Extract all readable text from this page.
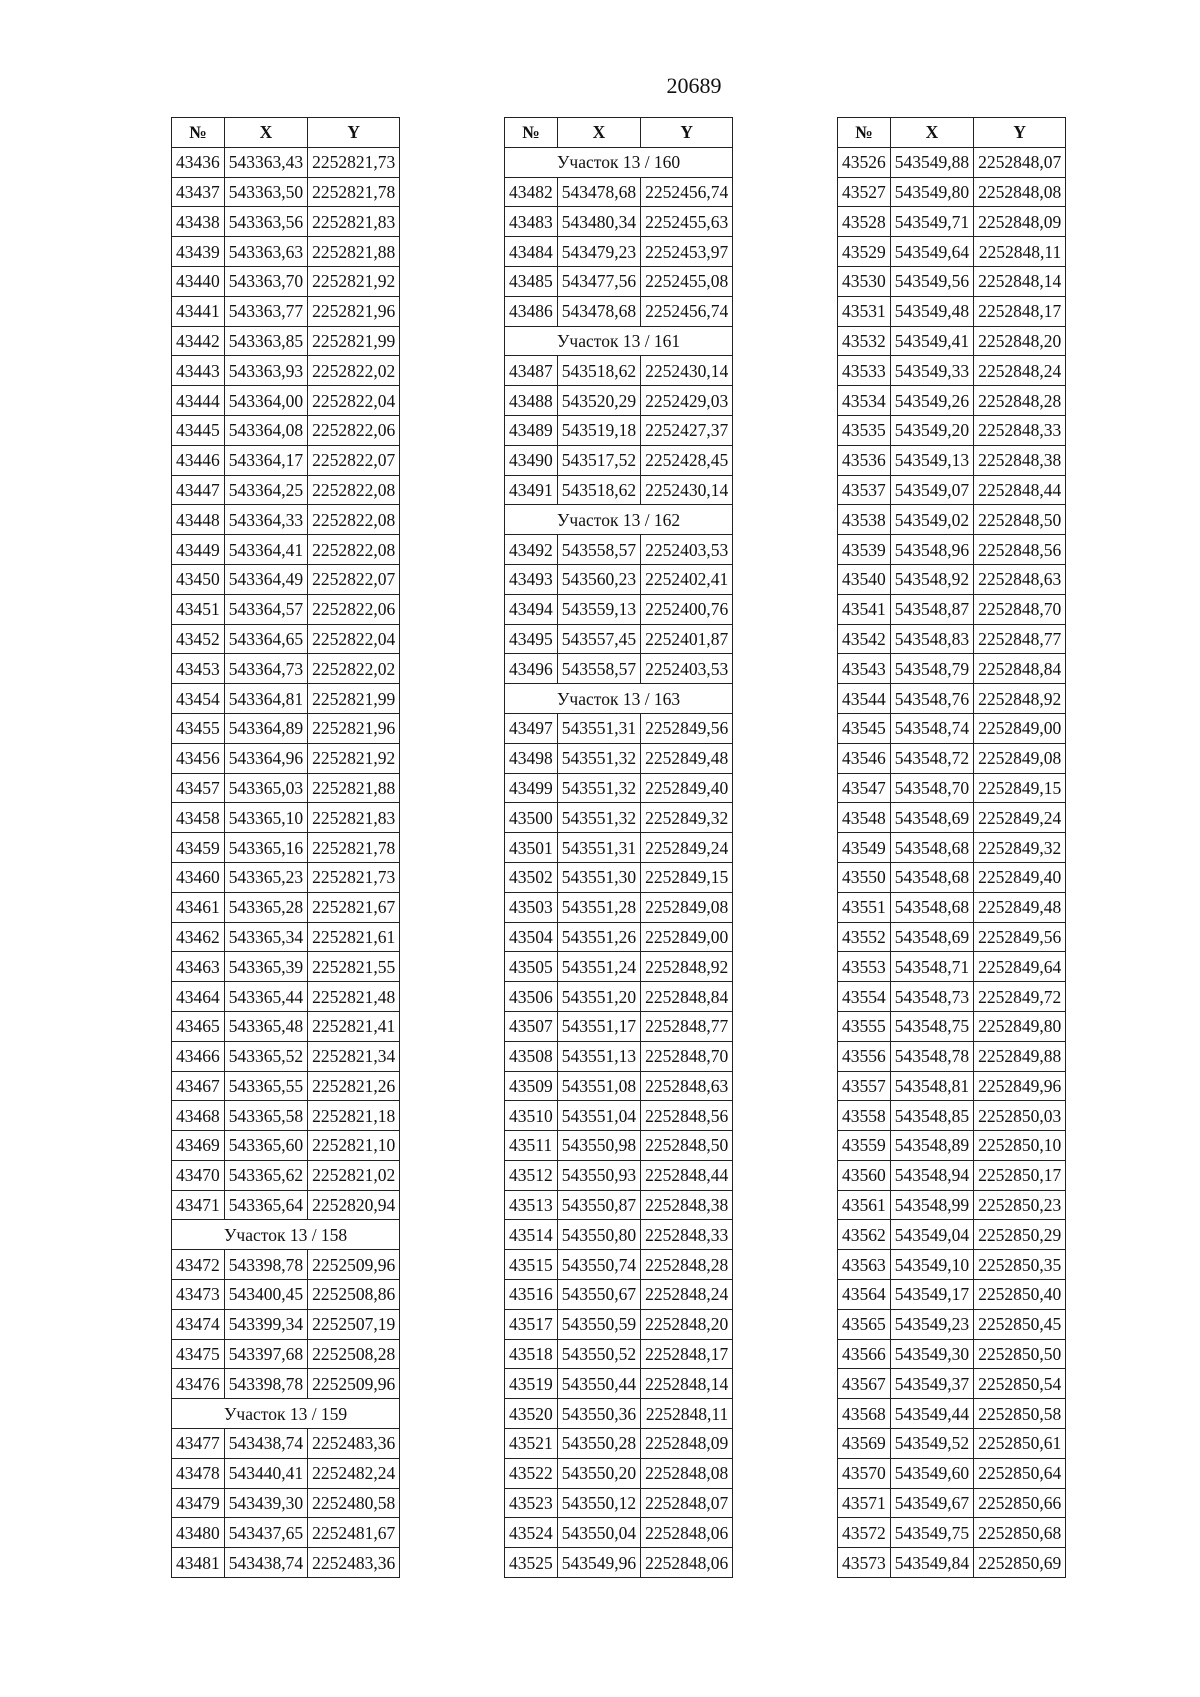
20689
№	X	Y
43436	543363,43	2252821,73
43437	543363,50	2252821,78
43438	543363,56	2252821,83
43439	543363,63	2252821,88
43440	543363,70	2252821,92
43441	543363,77	2252821,96
43442	543363,85	2252821,99
43443	543363,93	2252822,02
43444	543364,00	2252822,04
43445	543364,08	2252822,06
43446	543364,17	2252822,07
43447	543364,25	2252822,08
43448	543364,33	2252822,08
43449	543364,41	2252822,08
43450	543364,49	2252822,07
43451	543364,57	2252822,06
43452	543364,65	2252822,04
43453	543364,73	2252822,02
43454	543364,81	2252821,99
43455	543364,89	2252821,96
43456	543364,96	2252821,92
43457	543365,03	2252821,88
43458	543365,10	2252821,83
43459	543365,16	2252821,78
43460	543365,23	2252821,73
43461	543365,28	2252821,67
43462	543365,34	2252821,61
43463	543365,39	2252821,55
43464	543365,44	2252821,48
43465	543365,48	2252821,41
43466	543365,52	2252821,34
43467	543365,55	2252821,26
43468	543365,58	2252821,18
43469	543365,60	2252821,10
43470	543365,62	2252821,02
43471	543365,64	2252820,94
Участок 13 / 158		
43472	543398,78	2252509,96
43473	543400,45	2252508,86
43474	543399,34	2252507,19
43475	543397,68	2252508,28
43476	543398,78	2252509,96
Участок 13 / 159		
43477	543438,74	2252483,36
43478	543440,41	2252482,24
43479	543439,30	2252480,58
43480	543437,65	2252481,67
43481	543438,74	2252483,36
№	X	Y
Участок 13 / 160		
43482	543478,68	2252456,74
43483	543480,34	2252455,63
43484	543479,23	2252453,97
43485	543477,56	2252455,08
43486	543478,68	2252456,74
Участок 13 / 161		
43487	543518,62	2252430,14
43488	543520,29	2252429,03
43489	543519,18	2252427,37
43490	543517,52	2252428,45
43491	543518,62	2252430,14
Участок 13 / 162		
43492	543558,57	2252403,53
43493	543560,23	2252402,41
43494	543559,13	2252400,76
43495	543557,45	2252401,87
43496	543558,57	2252403,53
Участок 13 / 163		
43497	543551,31	2252849,56
43498	543551,32	2252849,48
43499	543551,32	2252849,40
43500	543551,32	2252849,32
43501	543551,31	2252849,24
43502	543551,30	2252849,15
43503	543551,28	2252849,08
43504	543551,26	2252849,00
43505	543551,24	2252848,92
43506	543551,20	2252848,84
43507	543551,17	2252848,77
43508	543551,13	2252848,70
43509	543551,08	2252848,63
43510	543551,04	2252848,56
43511	543550,98	2252848,50
43512	543550,93	2252848,44
43513	543550,87	2252848,38
43514	543550,80	2252848,33
43515	543550,74	2252848,28
43516	543550,67	2252848,24
43517	543550,59	2252848,20
43518	543550,52	2252848,17
43519	543550,44	2252848,14
43520	543550,36	2252848,11
43521	543550,28	2252848,09
43522	543550,20	2252848,08
43523	543550,12	2252848,07
43524	543550,04	2252848,06
43525	543549,96	2252848,06
№	X	Y
43526	543549,88	2252848,07
43527	543549,80	2252848,08
43528	543549,71	2252848,09
43529	543549,64	2252848,11
43530	543549,56	2252848,14
43531	543549,48	2252848,17
43532	543549,41	2252848,20
43533	543549,33	2252848,24
43534	543549,26	2252848,28
43535	543549,20	2252848,33
43536	543549,13	2252848,38
43537	543549,07	2252848,44
43538	543549,02	2252848,50
43539	543548,96	2252848,56
43540	543548,92	2252848,63
43541	543548,87	2252848,70
43542	543548,83	2252848,77
43543	543548,79	2252848,84
43544	543548,76	2252848,92
43545	543548,74	2252849,00
43546	543548,72	2252849,08
43547	543548,70	2252849,15
43548	543548,69	2252849,24
43549	543548,68	2252849,32
43550	543548,68	2252849,40
43551	543548,68	2252849,48
43552	543548,69	2252849,56
43553	543548,71	2252849,64
43554	543548,73	2252849,72
43555	543548,75	2252849,80
43556	543548,78	2252849,88
43557	543548,81	2252849,96
43558	543548,85	2252850,03
43559	543548,89	2252850,10
43560	543548,94	2252850,17
43561	543548,99	2252850,23
43562	543549,04	2252850,29
43563	543549,10	2252850,35
43564	543549,17	2252850,40
43565	543549,23	2252850,45
43566	543549,30	2252850,50
43567	543549,37	2252850,54
43568	543549,44	2252850,58
43569	543549,52	2252850,61
43570	543549,60	2252850,64
43571	543549,67	2252850,66
43572	543549,75	2252850,68
43573	543549,84	2252850,69
